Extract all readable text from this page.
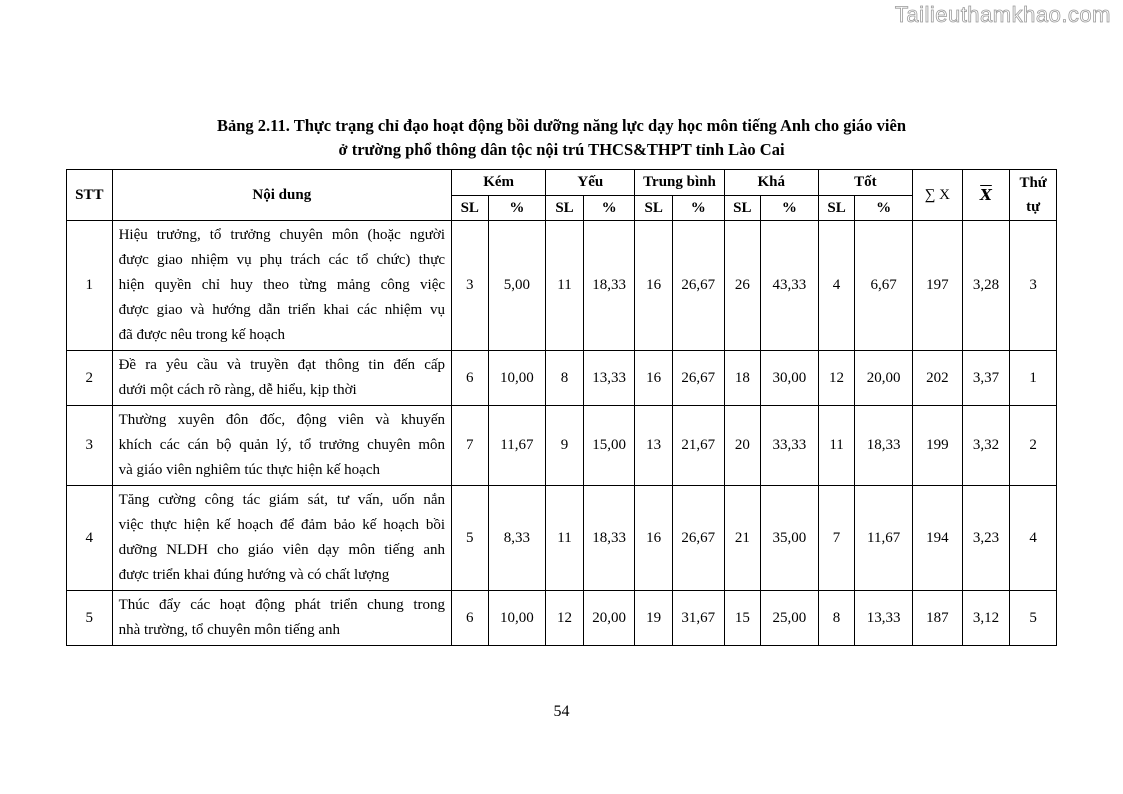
Tailieuthamkhao.com
Bảng 2.11. Thực trạng chỉ đạo hoạt động bồi dưỡng năng lực dạy học môn tiếng Anh cho giáo viên
ở trường phổ thông dân tộc nội trú THCS&THPT tỉnh Lào Cai
STT	Nội dung	Kém		Yếu		Trung bình		Khá		Tốt		∑ X	$\overline{X}$	Thứ
tự

		SL	%	SL	%	SL	%	SL	%	SL	%			
1	Hiệu trưởng, tổ trưởng chuyên môn (hoặc người
được giao nhiệm vụ phụ trách các tổ chức) thực
hiện quyền chỉ huy theo từng mảng công việc
được giao và hướng dẫn triển khai các nhiệm vụ
đã được nêu trong kế hoạch	3	5,00	11	18,33	16	26,67	26	43,33	4	6,67	197	3,28	3
2	Đề ra yêu cầu và truyền đạt thông tin đến cấp
dưới một cách rõ ràng, dễ hiểu, kịp thời	6	10,00	8	13,33	16	26,67	18	30,00	12	20,00	202	3,37	1
3	Thường xuyên đôn đốc, động viên và khuyến
khích các cán bộ quản lý, tổ trưởng chuyên môn
và giáo viên nghiêm túc thực hiện kế hoạch	7	11,67	9	15,00	13	21,67	20	33,33	11	18,33	199	3,32	2
4	Tăng cường công tác giám sát, tư vấn, uốn nắn
việc thực hiện kế hoạch để đảm bảo kế hoạch bồi
dưỡng NLDH cho giáo viên dạy môn tiếng anh
được triển khai đúng hướng và có chất lượng	5	8,33	11	18,33	16	26,67	21	35,00	7	11,67	194	3,23	4
5	Thúc đẩy các hoạt động phát triển chung trong
nhà trường, tổ chuyên môn tiếng anh	6	10,00	12	20,00	19	31,67	15	25,00	8	13,33	187	3,12	5
54
